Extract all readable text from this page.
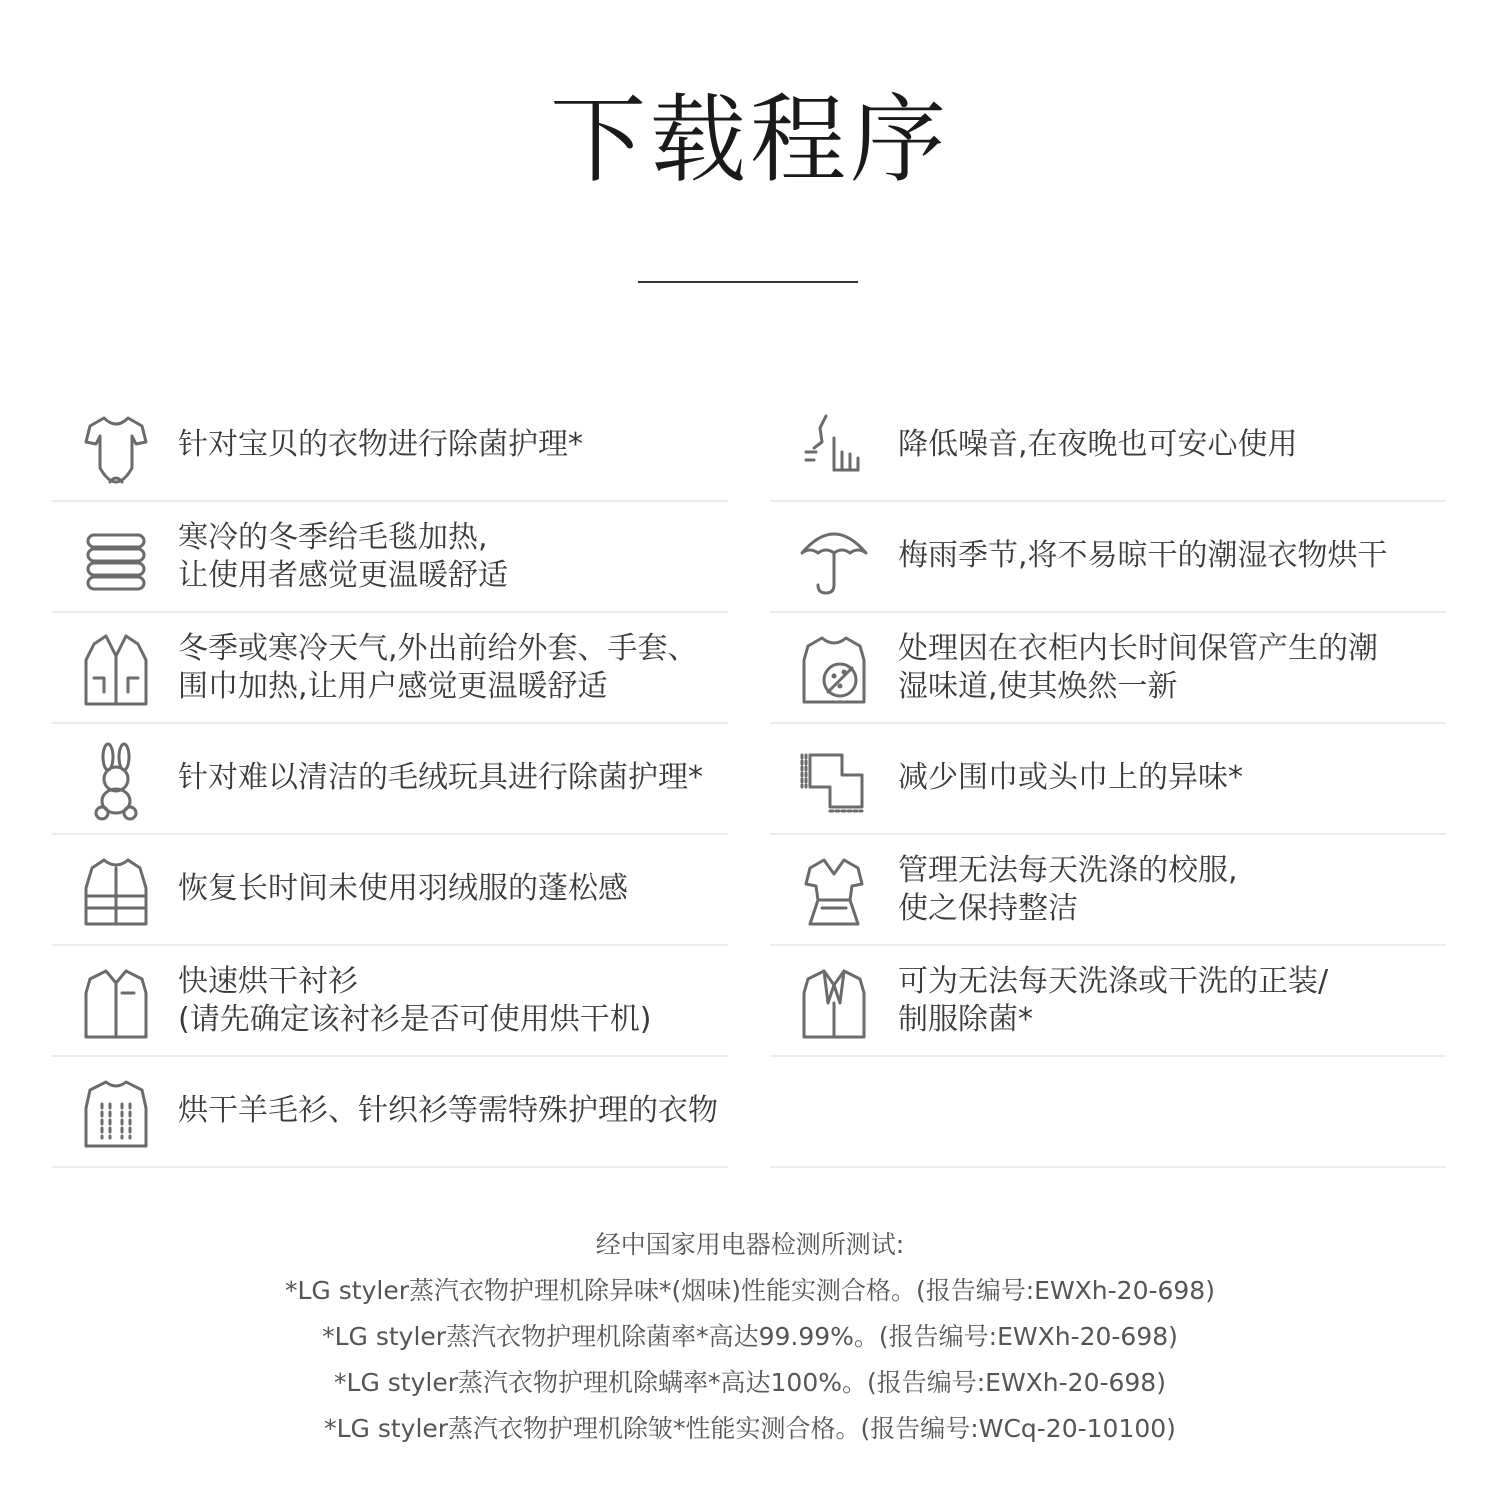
下载程序
针对宝贝的衣物进行除菌护理*
寒冷的冬季给毛毯加热,
让使用者感觉更温暖舒适
冬季或寒冷天气,外出前给外套、手套、
围巾加热,让用户感觉更温暖舒适
针对难以清洁的毛绒玩具进行除菌护理*
恢复长时间未使用羽绒服的蓬松感
快速烘干衬衫
(请先确定该衬衫是否可使用烘干机)
烘干羊毛衫、针织衫等需特殊护理的衣物
降低噪音,在夜晚也可安心使用
梅雨季节,将不易晾干的潮湿衣物烘干
处理因在衣柜内长时间保管产生的潮
湿味道,使其焕然一新
减少围巾或头巾上的异味*
管理无法每天洗涤的校服,
使之保持整洁
可为无法每天洗涤或干洗的正装/
制服除菌*
经中国家用电器检测所测试:
*LG styler蒸汽衣物护理机除异味*(烟味)性能实测合格。(报告编号:EWXh-20-698)
*LG styler蒸汽衣物护理机除菌率*高达99.99%。(报告编号:EWXh-20-698)
*LG styler蒸汽衣物护理机除螨率*高达100%。(报告编号:EWXh-20-698)
*LG styler蒸汽衣物护理机除皱*性能实测合格。(报告编号:WCq-20-10100)
